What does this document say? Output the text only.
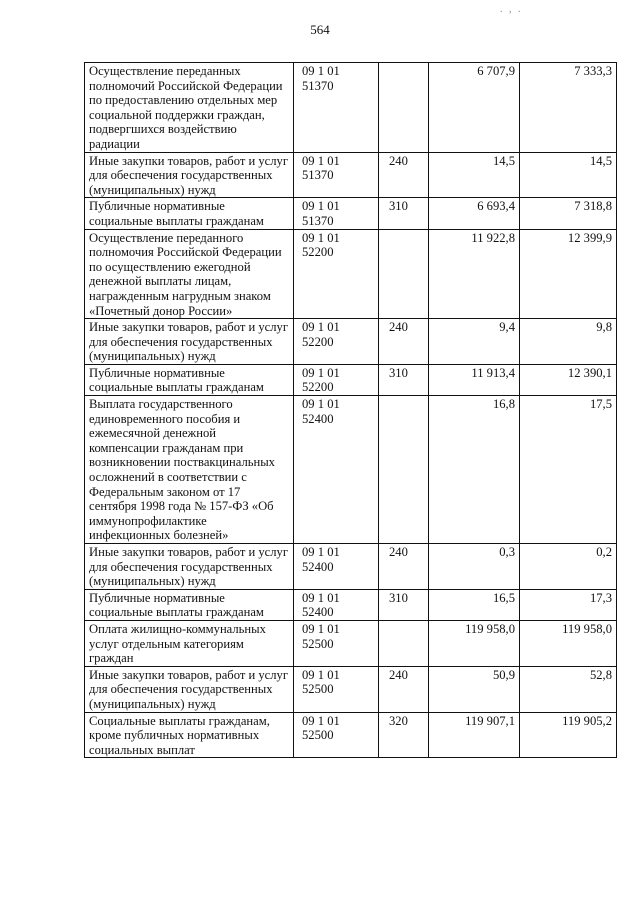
564
. , .
Осуществление переданных полномочий Российской Федерации по предоставлению отдельных мер социальной поддержки граждан, подвергшихся воздействию радиации	09 1 01 51370		6 707,9	7 333,3
Иные закупки товаров, работ и услуг для обеспечения государственных (муниципальных) нужд	09 1 01 51370	240	14,5	14,5
Публичные нормативные социальные выплаты гражданам	09 1 01 51370	310	6 693,4	7 318,8
Осуществление переданного полномочия Российской Федерации по осуществлению ежегодной денежной выплаты лицам, награжденным нагрудным знаком «Почетный донор России»	09 1 01 52200		11 922,8	12 399,9
Иные закупки товаров, работ и услуг для обеспечения государственных (муниципальных) нужд	09 1 01 52200	240	9,4	9,8
Публичные нормативные социальные выплаты гражданам	09 1 01 52200	310	11 913,4	12 390,1
Выплата государственного единовременного пособия и ежемесячной денежной компенсации гражданам при возникновении поствакцинальных осложнений в соответствии с Федеральным законом от 17 сентября 1998 года № 157-ФЗ «Об иммунопрофилактике инфекционных болезней»	09 1 01 52400		16,8	17,5
Иные закупки товаров, работ и услуг для обеспечения государственных (муниципальных) нужд	09 1 01 52400	240	0,3	0,2
Публичные нормативные социальные выплаты гражданам	09 1 01 52400	310	16,5	17,3
Оплата жилищно-коммунальных услуг отдельным категориям граждан	09 1 01 52500		119 958,0	119 958,0
Иные закупки товаров, работ и услуг для обеспечения государственных (муниципальных) нужд	09 1 01 52500	240	50,9	52,8
Социальные выплаты гражданам, кроме публичных нормативных социальных выплат	09 1 01 52500	320	119 907,1	119 905,2
